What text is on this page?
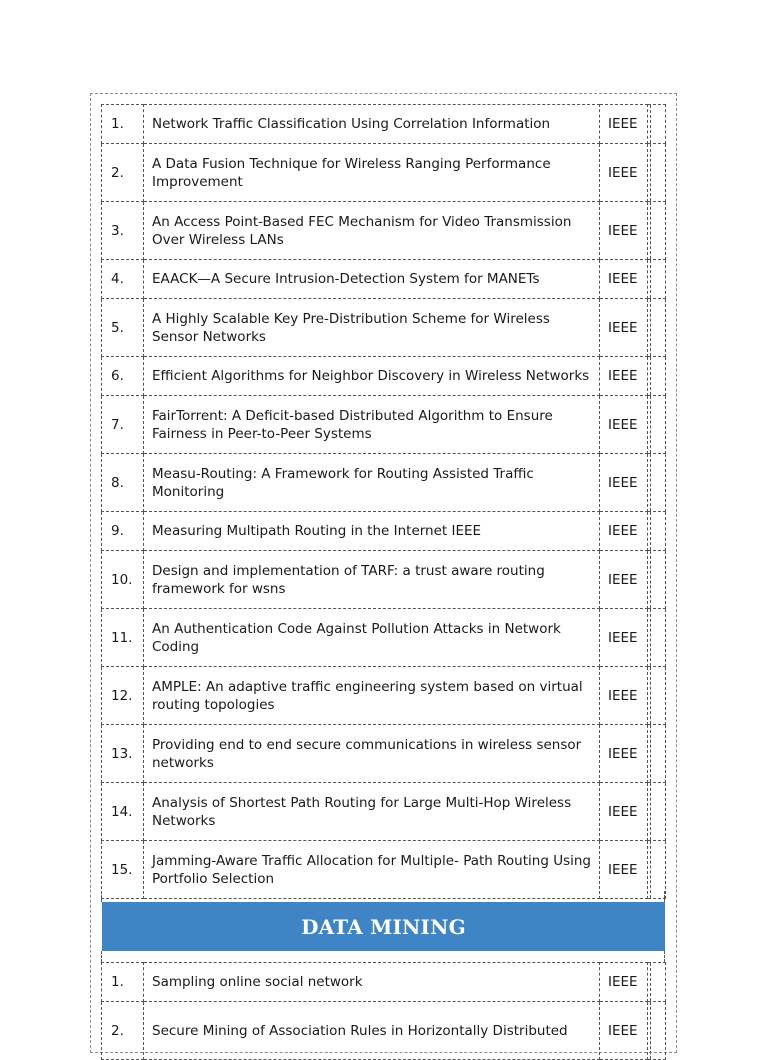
1.	Network Traffic Classification Using Correlation Information	IEEE	

2.	A Data Fusion Technique for Wireless Ranging Performance Improvement	IEEE	

3.	An Access Point-Based FEC Mechanism for Video Transmission Over Wireless LANs	IEEE	

4.	EAACK—A Secure Intrusion-Detection System for MANETs	IEEE	

5.	A Highly Scalable Key Pre-Distribution Scheme for Wireless Sensor Networks	IEEE	

6.	Efficient Algorithms for Neighbor Discovery in Wireless Networks	IEEE	

7.	FairTorrent: A Deficit-based Distributed Algorithm to Ensure Fairness in Peer-to-Peer Systems	IEEE	

8.	Measu-Routing: A Framework for Routing Assisted Traffic Monitoring	IEEE	

9.	Measuring Multipath Routing in the Internet IEEE	IEEE	

10.	Design and implementation of TARF: a trust aware routing framework for wsns	IEEE	

11.	An Authentication Code Against Pollution Attacks in Network Coding	IEEE	

12.	AMPLE: An adaptive traffic engineering system based on virtual routing topologies	IEEE	

13.	Providing end to end secure communications in wireless sensor networks	IEEE	

14.	Analysis of Shortest Path Routing for Large Multi-Hop Wireless Networks	IEEE	

15.	Jamming-Aware Traffic Allocation for Multiple- Path Routing Using Portfolio Selection	IEEE	
DATA MINING
1.	Sampling online social network	IEEE	

2.	Secure Mining of Association Rules in Horizontally Distributed	IEEE	
